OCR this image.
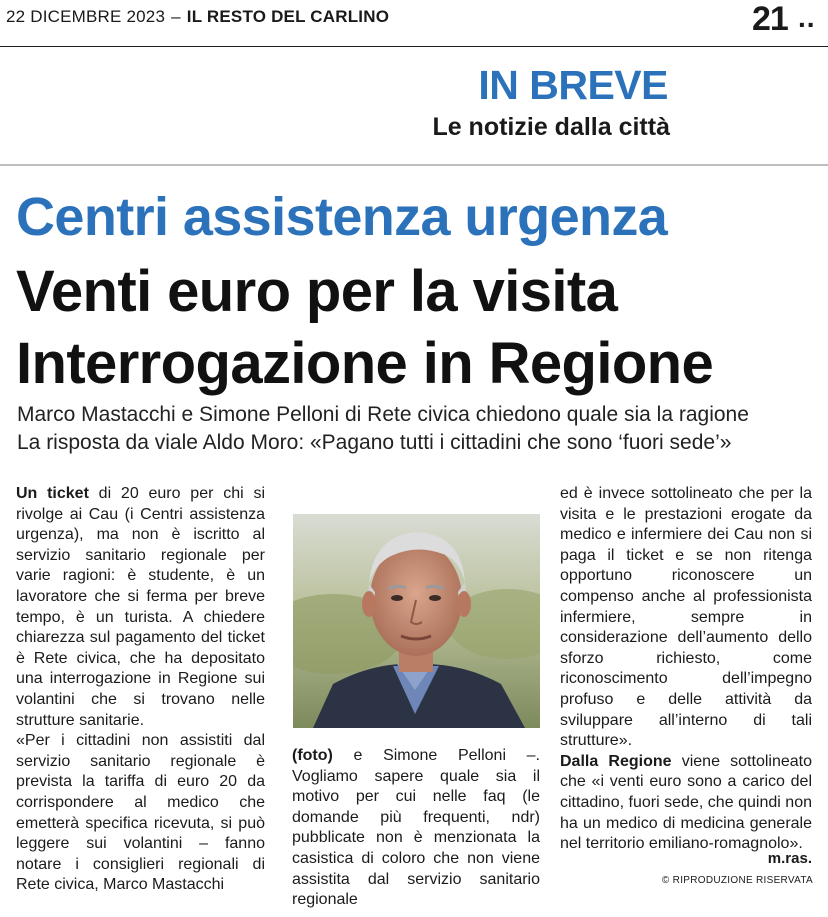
22 DICEMBRE 2023 – IL RESTO DEL CARLINO	21 ..
IN BREVE
Le notizie dalla città
Centri assistenza urgenza
Venti euro per la visita
Interrogazione in Regione
Marco Mastacchi e Simone Pelloni di Rete civica chiedono quale sia la ragione
La risposta da viale Aldo Moro: «Pagano tutti i cittadini che sono ‘fuori sede’»

Un ticket di 20 euro per chi si rivolge ai Cau (i Centri assistenza urgenza), ma non è iscritto al servizio sanitario regionale per varie ragioni: è studente, è un lavoratore che si ferma per breve tempo, è un turista. A chiedere chiarezza sul pagamento del ticket è Rete civica, che ha depositato una interrogazione in Regione sui volantini che si trovano nelle strutture sanitarie.

«Per i cittadini non assistiti dal servizio sanitario regionale è prevista la tariffa di euro 20 da corrispondere al medico che emetterà specifica ricevuta, si può leggere sui volantini – fanno notare i consiglieri regionali di Rete civica, Marco Mastacchi

(foto) e Simone Pelloni –. Vogliamo sapere quale sia il motivo per cui nelle faq (le domande più frequenti, ndr) pubblicate non è menzionata la casistica di coloro che non viene assistita dal servizio sanitario regionale

ed è invece sottolineato che per la visita e le prestazioni erogate da medico e infermiere dei Cau non si paga il ticket e se non ritenga opportuno riconoscere un compenso anche al professionista infermiere, sempre in considerazione dell’aumento dello sforzo richiesto, come riconoscimento dell’impegno profuso e delle attività da sviluppare all’interno di tali strutture».

Dalla Regione viene sottolineato che «i venti euro sono a carico del cittadino, fuori sede, che quindi non ha un medico di medicina generale nel territorio emiliano-romagnolo».

m.ras.
© RIPRODUZIONE RISERVATA
